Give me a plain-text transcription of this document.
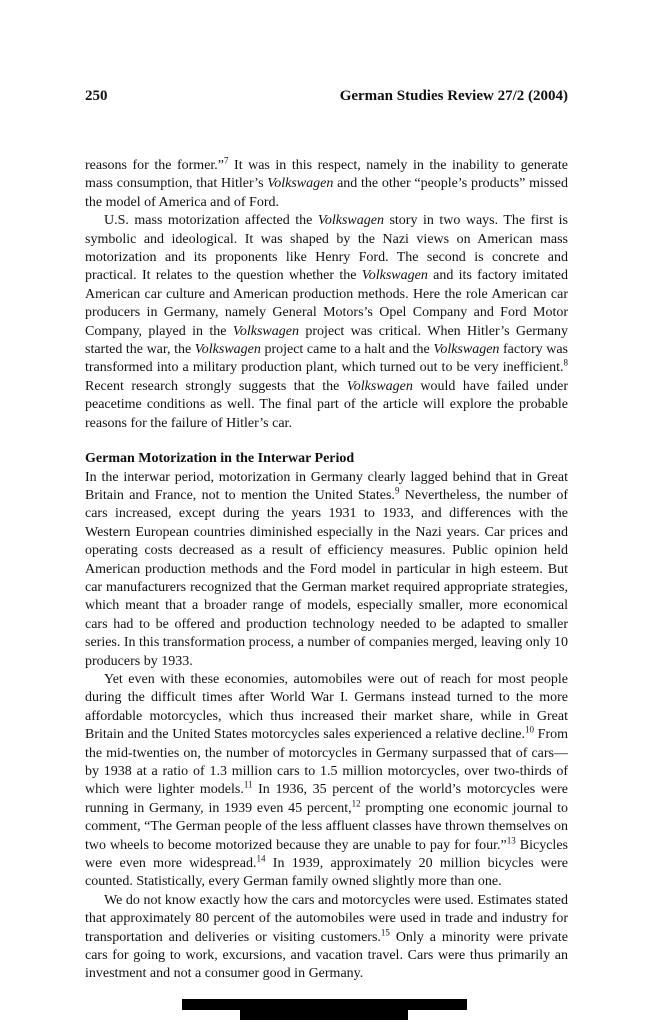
250	German Studies Review 27/2 (2004)

reasons for the former.”$^7$ It was in this respect, namely in the inability to generate mass consumption, that Hitler’s Volkswagen and the other “people’s products” missed the model of America and of Ford.

U.S. mass motorization affected the Volkswagen story in two ways. The first is symbolic and ideological. It was shaped by the Nazi views on American mass motorization and its proponents like Henry Ford. The second is concrete and practical. It relates to the question whether the Volkswagen and its factory imitated American car culture and American production methods. Here the role American car producers in Germany, namely General Motors’s Opel Company and Ford Motor Company, played in the Volkswagen project was critical. When Hitler’s Germany started the war, the Volkswagen project came to a halt and the Volkswagen factory was transformed into a military production plant, which turned out to be very inefficient.$^8$ Recent research strongly suggests that the Volkswagen would have failed under peacetime conditions as well. The final part of the article will explore the probable reasons for the failure of Hitler’s car.

German Motorization in the Interwar Period

In the interwar period, motorization in Germany clearly lagged behind that in Great Britain and France, not to mention the United States.$^9$ Nevertheless, the number of cars increased, except during the years 1931 to 1933, and differences with the Western European countries diminished especially in the Nazi years. Car prices and operating costs decreased as a result of efficiency measures. Public opinion held American production methods and the Ford model in particular in high esteem. But car manufacturers recognized that the German market required appropriate strategies, which meant that a broader range of models, especially smaller, more economical cars had to be offered and production technology needed to be adapted to smaller series. In this transformation process, a number of companies merged, leaving only 10 producers by 1933.

Yet even with these economies, automobiles were out of reach for most people during the difficult times after World War I. Germans instead turned to the more affordable motorcycles, which thus increased their market share, while in Great Britain and the United States motorcycles sales experienced a relative decline.$^{10}$ From the mid-twenties on, the number of motorcycles in Germany surpassed that of cars—by 1938 at a ratio of 1.3 million cars to 1.5 million motorcycles, over two-thirds of which were lighter models.$^{11}$ In 1936, 35 percent of the world’s motorcycles were running in Germany, in 1939 even 45 percent,$^{12}$ prompting one economic journal to comment, “The German people of the less affluent classes have thrown themselves on two wheels to become motorized because they are unable to pay for four.”$^{13}$ Bicycles were even more widespread.$^{14}$ In 1939, approximately 20 million bicycles were counted. Statistically, every German family owned slightly more than one.

We do not know exactly how the cars and motorcycles were used. Estimates stated that approximately 80 percent of the automobiles were used in trade and industry for transportation and deliveries or visiting customers.$^{15}$ Only a minority were private cars for going to work, excursions, and vacation travel. Cars were thus primarily an investment and not a consumer good in Germany.
